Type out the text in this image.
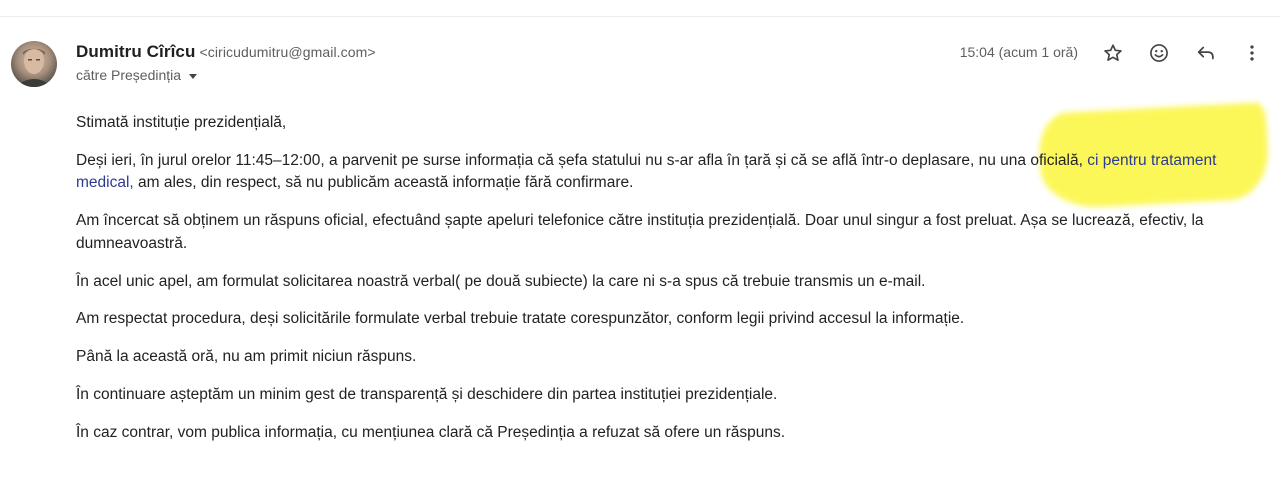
Dumitru Cîrîcu <ciricudumitru@gmail.com>
către Președinția
15:04 (acum 1 oră)

Stimată instituție prezidențială,

Deși ieri, în jurul orelor 11:45–12:00, a parvenit pe surse informația că șefa statului nu s-ar afla în țară și că se află într-o deplasare, nu una oficială, ci pentru tratament medical, am ales, din respect, să nu publicăm această informație fără confirmare.

Am încercat să obținem un răspuns oficial, efectuând șapte apeluri telefonice către instituția prezidențială. Doar unul singur a fost preluat. Așa se lucrează, efectiv, la dumneavoastră.

În acel unic apel, am formulat solicitarea noastră verbal( pe două subiecte) la care ni s-a spus că trebuie transmis un e-mail.

Am respectat procedura, deși solicitările formulate verbal trebuie tratate corespunzător, conform legii privind accesul la informație.

Până la această oră, nu am primit niciun răspuns.

În continuare așteptăm un minim gest de transparență și deschidere din partea instituției prezidențiale.

În caz contrar, vom publica informația, cu mențiunea clară că Președinția a refuzat să ofere un răspuns.
